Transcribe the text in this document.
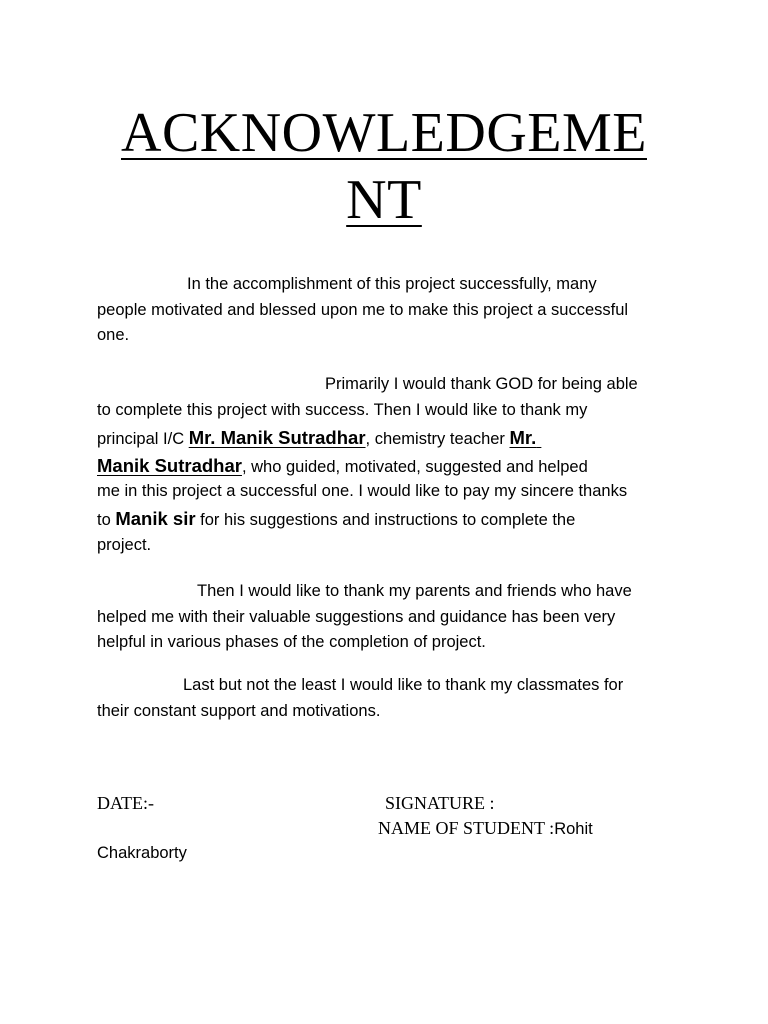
ACKNOWLEDGEME
NT
In the accomplishment of this project successfully, many
people motivated and blessed upon me to make this project a successful
one.
Primarily I would thank GOD for being able
to complete this project with success. Then I would like to thank my
principal I/C Mr. Manik Sutradhar, chemistry teacher Mr.
Manik Sutradhar, who guided, motivated, suggested and helped
me in this project a successful one. I would like to pay my sincere thanks
to Manik sir for his suggestions and instructions to complete the
project.
Then I would like to thank my parents and friends who have
helped me with their valuable suggestions and guidance has been very
helpful in various phases of the completion of project.
Last but not the least I would like to thank my classmates for
their constant support and motivations.
DATE:-	SIGNATURE :
NAME OF STUDENT :Rohit
Chakraborty
